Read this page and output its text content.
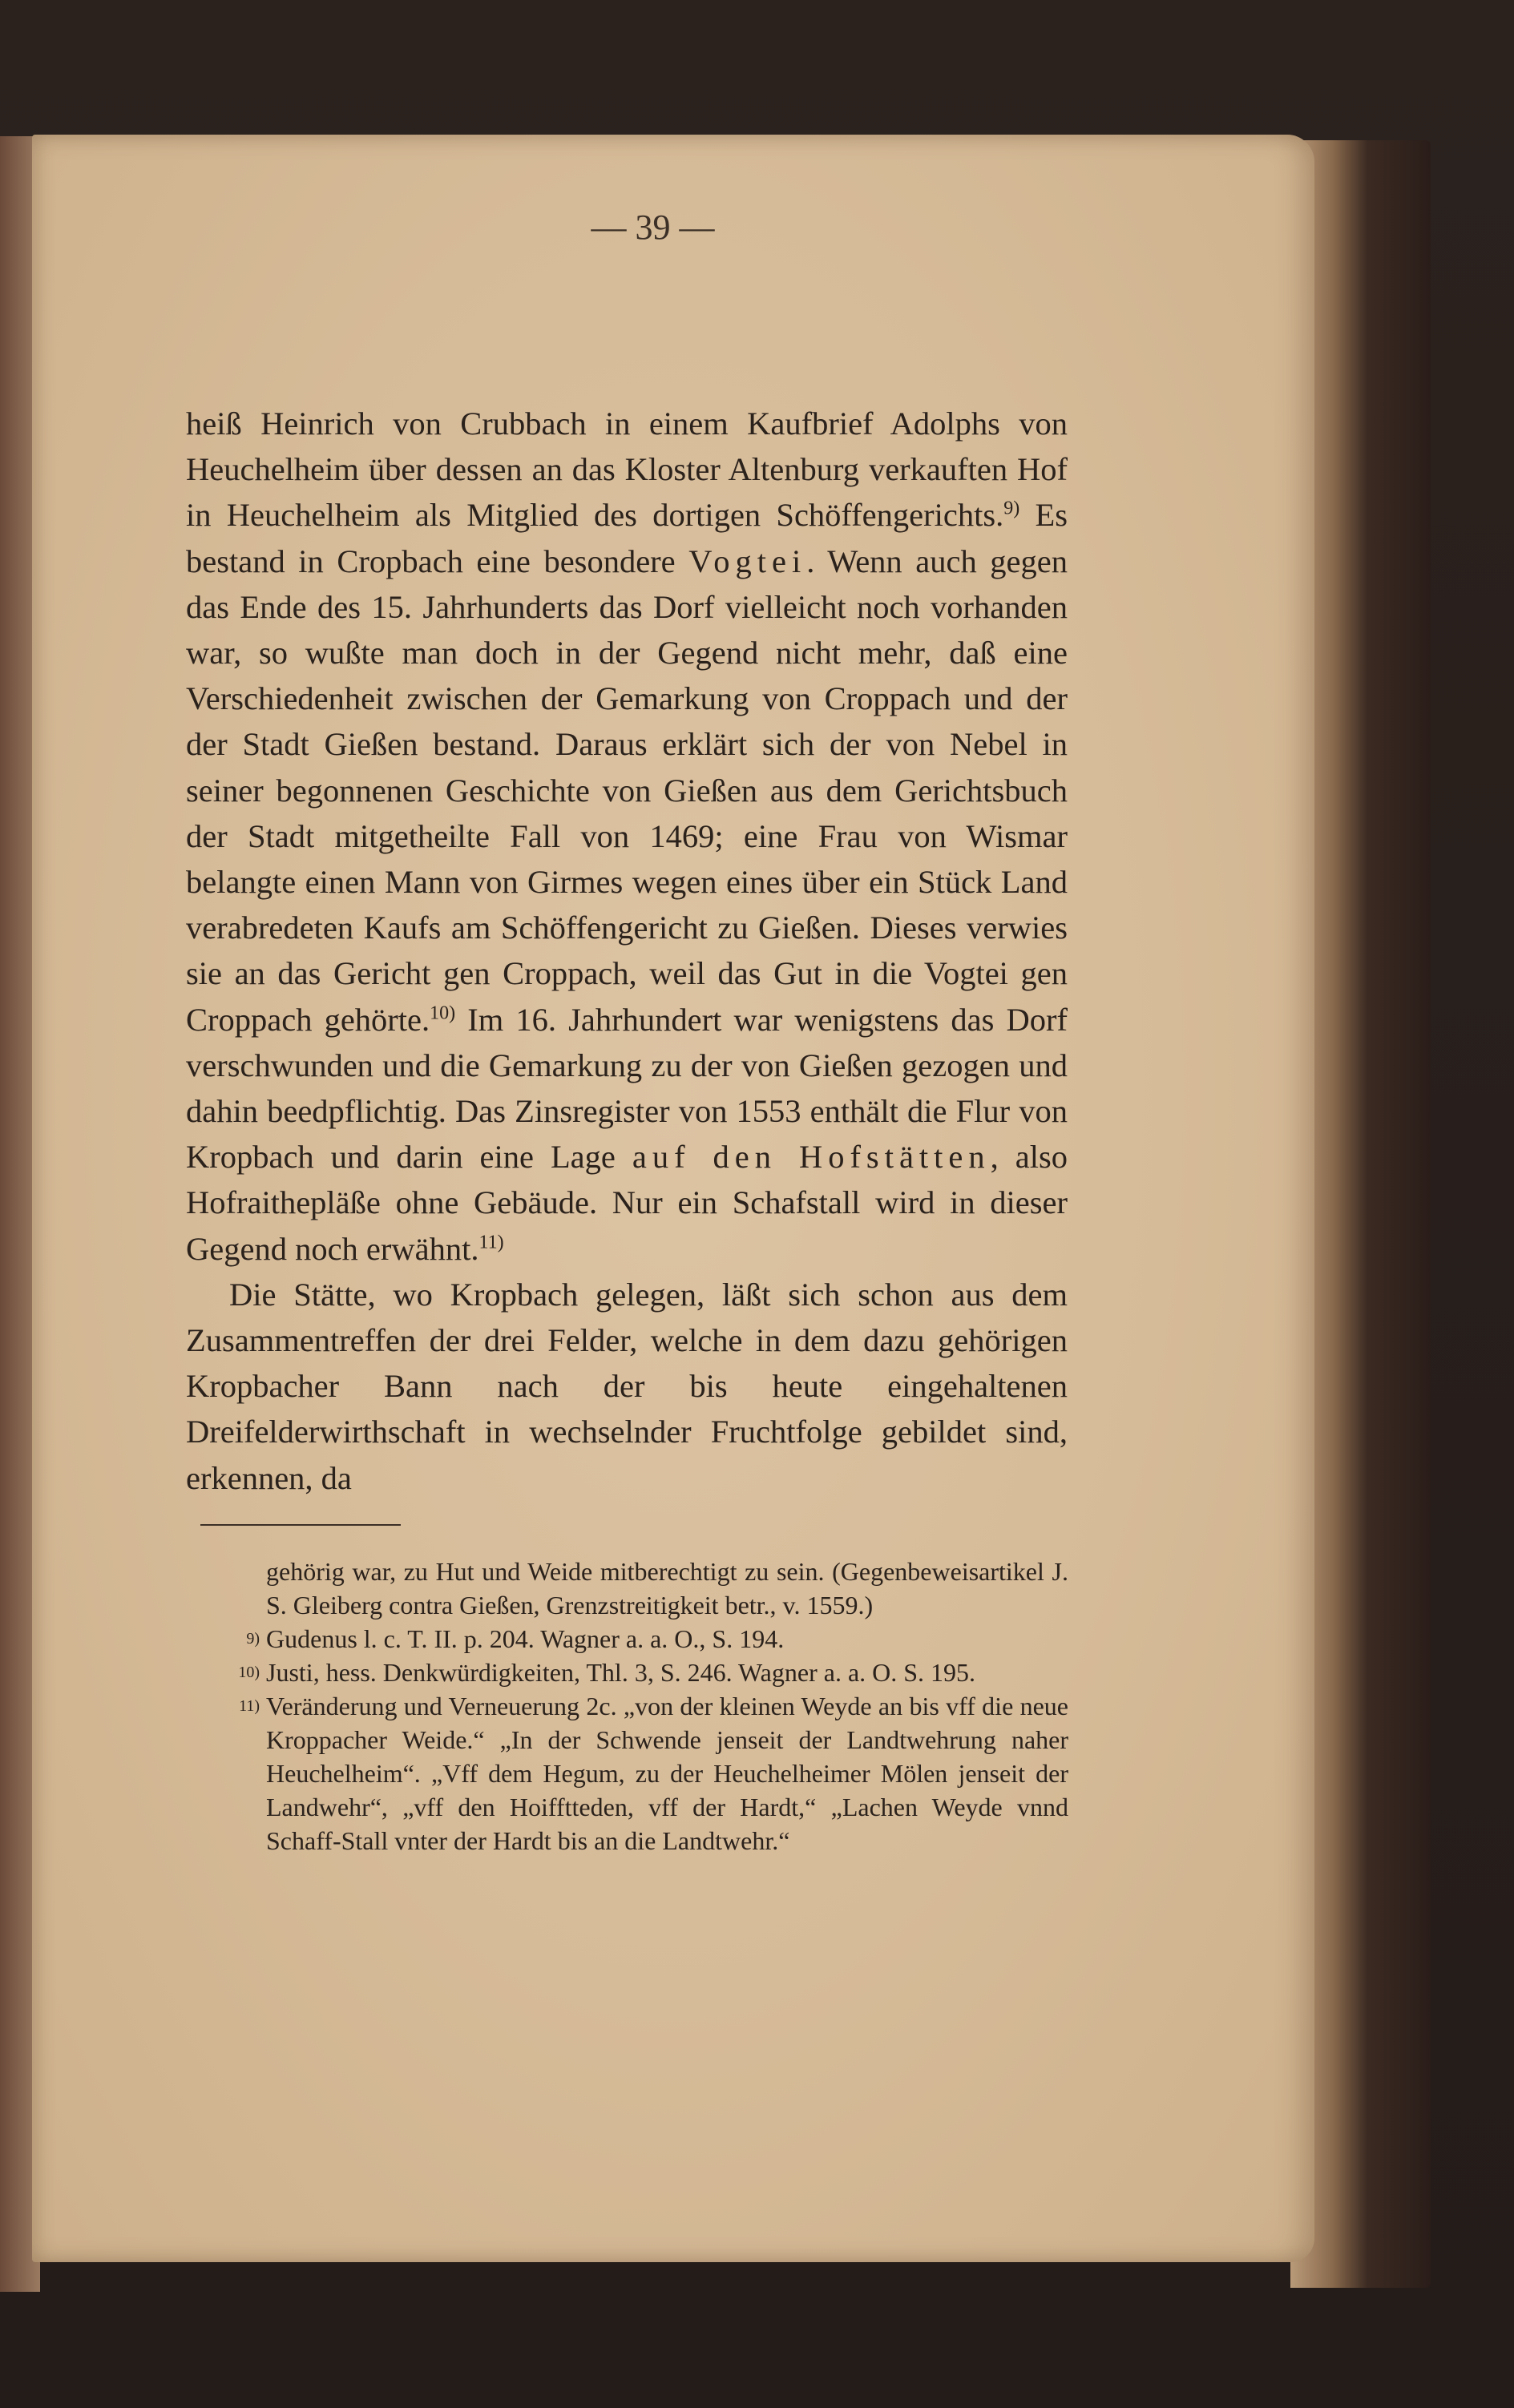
— 39 —

heiß Heinrich von Crubbach in einem Kaufbrief Adolphs von Heuchelheim über dessen an das Kloster Altenburg verkauften Hof in Heuchelheim als Mitglied des dortigen Schöffengerichts.$^{9)}$ Es bestand in Cropbach eine besondere Vogtei. Wenn auch gegen das Ende des 15. Jahrhunderts das Dorf vielleicht noch vorhanden war, so wußte man doch in der Gegend nicht mehr, daß eine Verschiedenheit zwischen der Gemarkung von Croppach und der der Stadt Gießen bestand. Daraus erklärt sich der von Nebel in seiner begonnenen Geschichte von Gießen aus dem Gerichtsbuch der Stadt mitgetheilte Fall von 1469; eine Frau von Wismar belangte einen Mann von Girmes wegen eines über ein Stück Land verabredeten Kaufs am Schöffengericht zu Gießen. Dieses verwies sie an das Gericht gen Croppach, weil das Gut in die Vogtei gen Croppach gehörte.$^{10)}$ Im 16. Jahrhundert war wenigstens das Dorf verschwunden und die Gemarkung zu der von Gießen gezogen und dahin beedpflichtig. Das Zinsregister von 1553 enthält die Flur von Kropbach und darin eine Lage auf den Hofstätten, also Hofraithepläße ohne Gebäude. Nur ein Schafstall wird in dieser Gegend noch erwähnt.$^{11)}$

Die Stätte, wo Kropbach gelegen, läßt sich schon aus dem Zusammentreffen der drei Felder, welche in dem dazu gehörigen Kropbacher Bann nach der bis heute eingehaltenen Dreifelderwirthschaft in wechselnder Fruchtfolge gebildet sind, erkennen, da

gehörig war, zu Hut und Weide mitberechtigt zu sein. (Gegenbeweisartikel J. S. Gleiberg contra Gießen, Grenzstreitigkeit betr., v. 1559.)
$^{9)}$ Gudenus l. c. T. II. p. 204. Wagner a. a. O., S. 194.
$^{10)}$ Justi, hess. Denkwürdigkeiten, Thl. 3, S. 246. Wagner a. a. O. S. 195.
$^{11)}$ Veränderung und Verneuerung 2c. „von der kleinen Weyde an bis vff die neue Kroppacher Weide.“ „In der Schwende jenseit der Landtwehrung naher Heuchelheim“. „Vff dem Hegum, zu der Heuchelheimer Mölen jenseit der Landwehr“, „vff den Hoifftteden, vff der Hardt,“ „Lachen Weyde vnnd Schaff-Stall vnter der Hardt bis an die Landtwehr.“
